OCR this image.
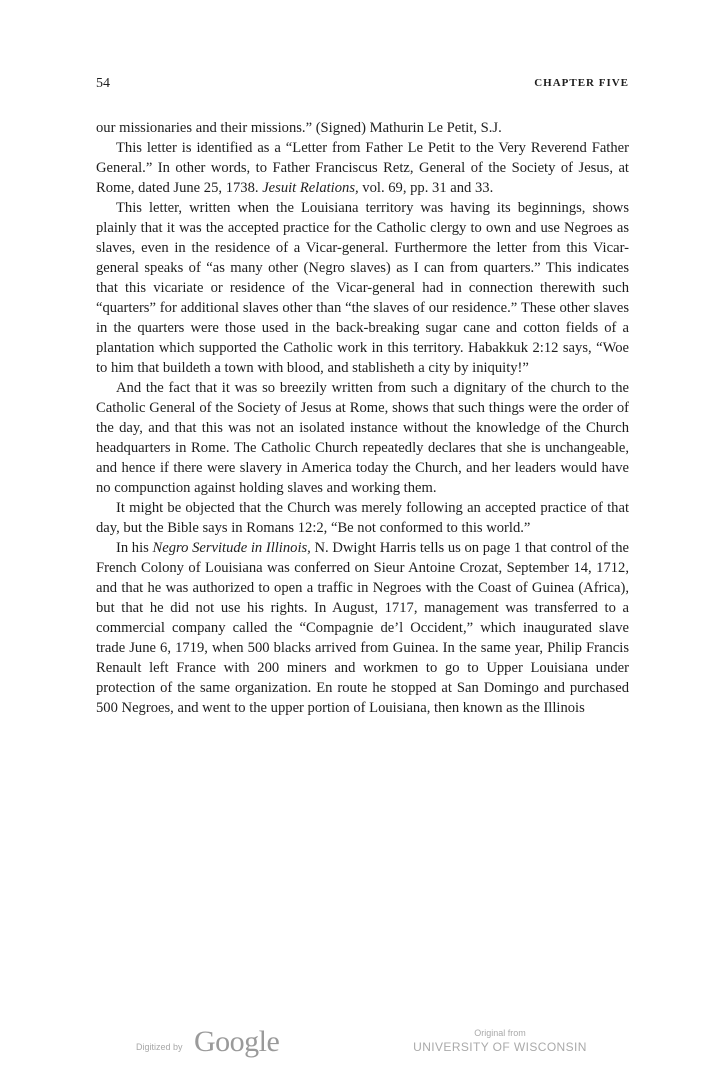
54	CHAPTER FIVE

our missionaries and their missions.” (Signed) Mathurin Le Petit, S.J.

This letter is identified as a “Letter from Father Le Petit to the Very Reverend Father General.” In other words, to Father Franciscus Retz, General of the Society of Jesus, at Rome, dated June 25, 1738. Jesuit Relations, vol. 69, pp. 31 and 33.

This letter, written when the Louisiana territory was having its beginnings, shows plainly that it was the accepted practice for the Catholic clergy to own and use Negroes as slaves, even in the residence of a Vicar-general. Furthermore the letter from this Vicar-general speaks of “as many other (Negro slaves) as I can from quarters.” This indicates that this vicariate or residence of the Vicar-general had in connection therewith such “quarters” for additional slaves other than “the slaves of our residence.” These other slaves in the quarters were those used in the back-breaking sugar cane and cotton fields of a plantation which supported the Catholic work in this territory. Habakkuk 2:12 says, “Woe to him that buildeth a town with blood, and stablisheth a city by iniquity!”

And the fact that it was so breezily written from such a dignitary of the church to the Catholic General of the Society of Jesus at Rome, shows that such things were the order of the day, and that this was not an isolated instance without the knowledge of the Church headquarters in Rome. The Catholic Church repeatedly declares that she is unchangeable, and hence if there were slavery in America today the Church, and her leaders would have no compunction against holding slaves and working them.

It might be objected that the Church was merely following an accepted practice of that day, but the Bible says in Romans 12:2, “Be not conformed to this world.”

In his Negro Servitude in Illinois, N. Dwight Harris tells us on page 1 that control of the French Colony of Louisiana was conferred on Sieur Antoine Crozat, September 14, 1712, and that he was authorized to open a traffic in Negroes with the Coast of Guinea (Africa), but that he did not use his rights. In August, 1717, management was transferred to a commercial company called the “Compagnie de’l Occident,” which inaugurated slave trade June 6, 1719, when 500 blacks arrived from Guinea. In the same year, Philip Francis Renault left France with 200 miners and workmen to go to Upper Louisiana under protection of the same organization. En route he stopped at San Domingo and purchased 500 Negroes, and went to the upper portion of Louisiana, then known as the Illinois

Digitized by Google	Original from
UNIVERSITY OF WISCONSIN
